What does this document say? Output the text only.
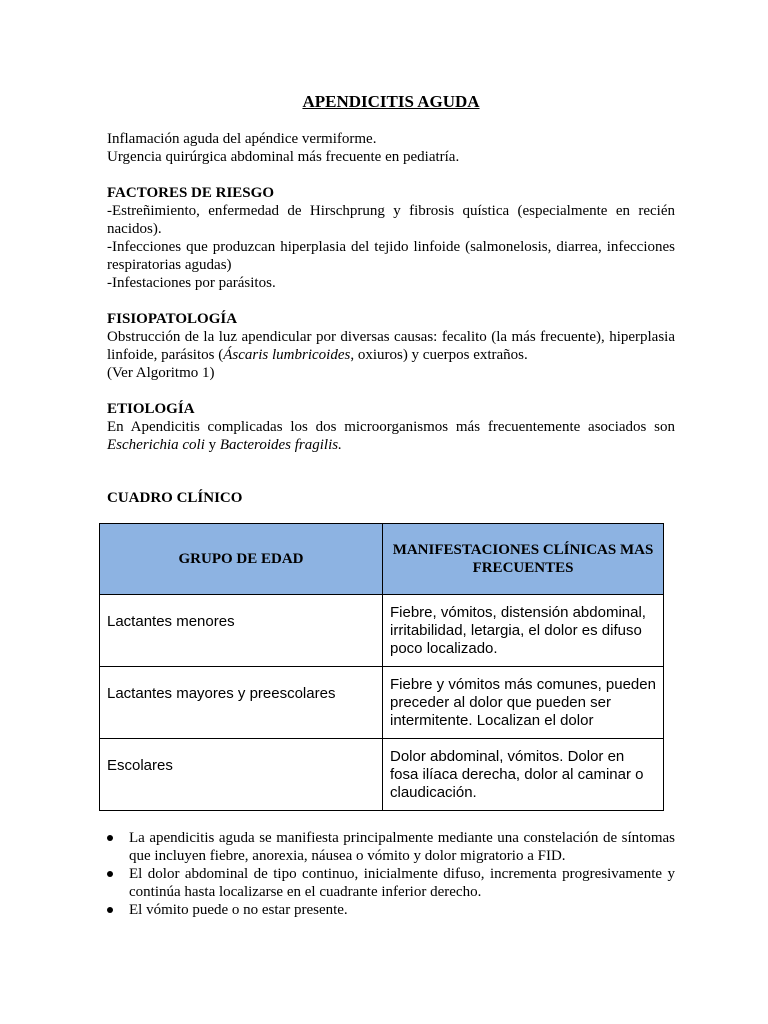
APENDICITIS AGUDA

Inflamación aguda del apéndice vermiforme.

Urgencia quirúrgica abdominal más frecuente en pediatría.

FACTORES DE RIESGO

-Estreñimiento, enfermedad de Hirschprung y fibrosis quística (especialmente en recién nacidos).

-Infecciones que produzcan hiperplasia del tejido linfoide (salmonelosis, diarrea, infecciones respiratorias agudas)

-Infestaciones por parásitos.

FISIOPATOLOGÍA

Obstrucción de la luz apendicular por diversas causas: fecalito (la más frecuente), hiperplasia linfoide, parásitos (Áscaris lumbricoides, oxiuros) y cuerpos extraños.

(Ver Algoritmo 1)

ETIOLOGÍA

En Apendicitis complicadas los dos microorganismos más frecuentemente asociados son Escherichia coli y Bacteroides fragilis.

CUADRO CLÍNICO

GRUPO DE EDAD	MANIFESTACIONES CLÍNICAS MAS FRECUENTES

Lactantes menores	Fiebre, vómitos, distensión abdominal, irritabilidad, letargia, el dolor es difuso poco localizado.

Lactantes mayores y preescolares	Fiebre y vómitos más comunes, pueden preceder al dolor que pueden ser intermitente. Localizan el dolor

Escolares	Dolor abdominal, vómitos. Dolor en fosa ilíaca derecha, dolor al caminar o claudicación.
La apendicitis aguda se manifiesta principalmente mediante una constelación de síntomas que incluyen fiebre, anorexia, náusea o vómito y dolor migratorio a FID.
El dolor abdominal de tipo continuo, inicialmente difuso, incrementa progresivamente y continúa hasta localizarse en el cuadrante inferior derecho.
El vómito puede o no estar presente.
